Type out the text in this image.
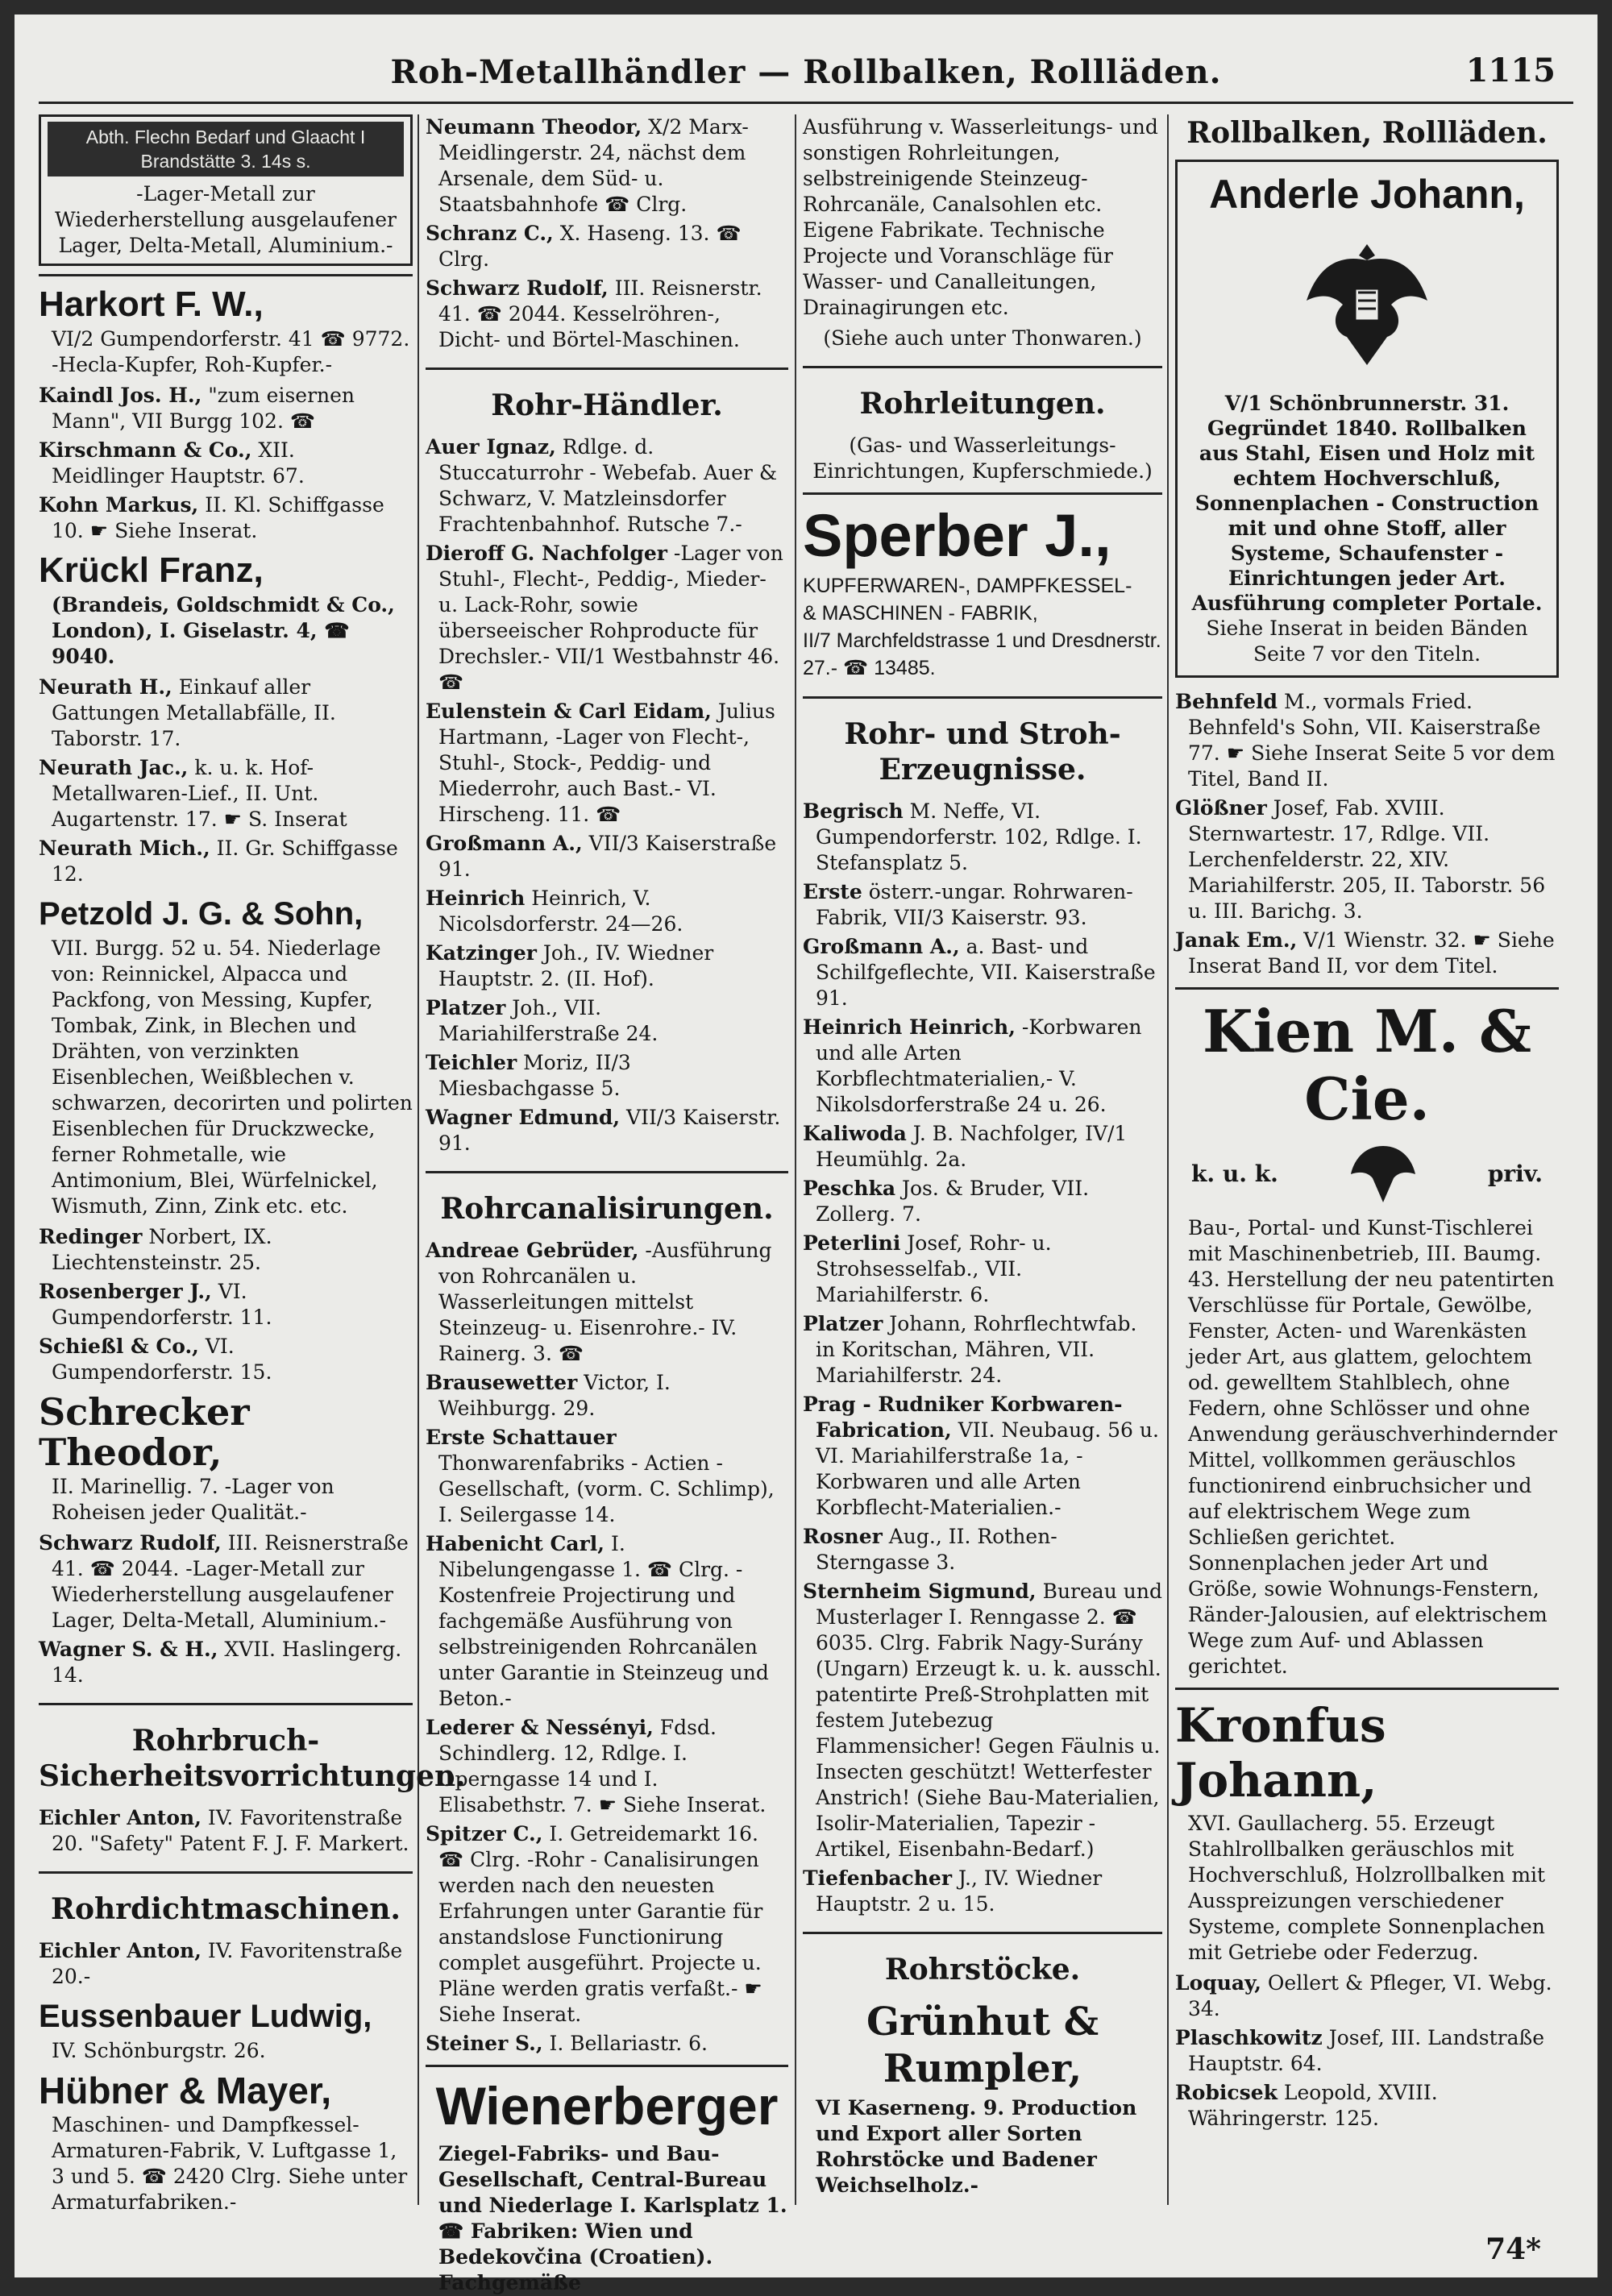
Roh-Metallhändler — Rollbalken, Rollläden.	1115
Abth. Flechn Bedarf und Glaacht I Brandstätte 3. 14s s.
-Lager-Metall zur Wiederherstellung ausgelaufener Lager, Delta-Metall, Aluminium.-
Harkort F. W.,
VI/2 Gumpendorferstr. 41 ☎ 9772. -Hecla-Kupfer, Roh-Kupfer.-
Kaindl Jos. H., "zum eisernen Mann", VII Burgg 102. ☎
Kirschmann & Co., XII. Meidlinger Hauptstr. 67.
Kohn Markus, II. Kl. Schiffgasse 10. ☛ Siehe Inserat.
Krückl Franz,
(Brandeis, Goldschmidt & Co., London), I. Giselastr. 4, ☎ 9040.
Neurath H., Einkauf aller Gattungen Metallabfälle, II. Taborstr. 17.
Neurath Jac., k. u. k. Hof-Metallwaren-Lief., II. Unt. Augartenstr. 17. ☛ S. Inserat
Neurath Mich., II. Gr. Schiffgasse 12.
Petzold J. G. & Sohn,
VII. Burgg. 52 u. 54. Niederlage von: Reinnickel, Alpacca und Packfong, von Messing, Kupfer, Tombak, Zink, in Blechen und Drähten, von verzinkten Eisenblechen, Weißblechen v. schwarzen, decorirten und polirten Eisenblechen für Druckzwecke, ferner Rohmetalle, wie Antimonium, Blei, Würfelnickel, Wismuth, Zinn, Zink etc. etc.
Redinger Norbert, IX. Liechtensteinstr. 25.
Rosenberger J., VI. Gumpendorferstr. 11.
Schießl & Co., VI. Gumpendorferstr. 15.
Schrecker Theodor,
II. Marinellig. 7. -Lager von Roheisen jeder Qualität.-
Schwarz Rudolf, III. Reisnerstraße 41. ☎ 2044. -Lager-Metall zur Wiederherstellung ausgelaufener Lager, Delta-Metall, Aluminium.-
Wagner S. & H., XVII. Haslingerg. 14.
Rohrbruch-Sicherheitsvorrichtungen.
Eichler Anton, IV. Favoritenstraße 20. "Safety" Patent F. J. F. Markert.
Rohrdichtmaschinen.
Eichler Anton, IV. Favoritenstraße 20.-
Eussenbauer Ludwig,
IV. Schönburgstr. 26.
Hübner & Mayer,
Maschinen- und Dampfkessel-Armaturen-Fabrik, V. Luftgasse 1, 3 und 5. ☎ 2420 Clrg. Siehe unter Armaturfabriken.-
Neumann Theodor, X/2 Marx-Meidlingerstr. 24, nächst dem Arsenale, dem Süd- u. Staatsbahnhofe ☎ Clrg.
Schranz C., X. Haseng. 13. ☎ Clrg.
Schwarz Rudolf, III. Reisnerstr. 41. ☎ 2044. Kesselröhren-, Dicht- und Börtel-Maschinen.
Rohr-Händler.
Auer Ignaz, Rdlge. d. Stuccaturrohr - Webefab. Auer & Schwarz, V. Matzleinsdorfer Frachtenbahnhof. Rutsche 7.-
Dieroff G. Nachfolger -Lager von Stuhl-, Flecht-, Peddig-, Mieder- u. Lack-Rohr, sowie überseeischer Rohproducte für Drechsler.- VII/1 Westbahnstr 46. ☎
Eulenstein & Carl Eidam, Julius Hartmann, -Lager von Flecht-, Stuhl-, Stock-, Peddig- und Miederrohr, auch Bast.- VI. Hirscheng. 11. ☎
Großmann A., VII/3 Kaiserstraße 91.
Heinrich Heinrich, V. Nicolsdorferstr. 24—26.
Katzinger Joh., IV. Wiedner Hauptstr. 2. (II. Hof).
Platzer Joh., VII. Mariahilferstraße 24.
Teichler Moriz, II/3 Miesbachgasse 5.
Wagner Edmund, VII/3 Kaiserstr. 91.
Rohrcanalisirungen.
Andreae Gebrüder, -Ausführung von Rohrcanälen u. Wasserleitungen mittelst Steinzeug- u. Eisenrohre.- IV. Rainerg. 3. ☎
Brausewetter Victor, I. Weihburgg. 29.
Erste Schattauer Thonwarenfabriks - Actien - Gesellschaft, (vorm. C. Schlimp), I. Seilergasse 14.
Habenicht Carl, I. Nibelungengasse 1. ☎ Clrg. -Kostenfreie Projectirung und fachgemäße Ausführung von selbstreinigenden Rohrcanälen unter Garantie in Steinzeug und Beton.-
Lederer & Nessényi, Fdsd. Schindlerg. 12, Rdlge. I. Operngasse 14 und I. Elisabethstr. 7. ☛ Siehe Inserat.
Spitzer C., I. Getreidemarkt 16. ☎ Clrg. -Rohr - Canalisirungen werden nach den neuesten Erfahrungen unter Garantie für anstandslose Functionirung complet ausgeführt. Projecte u. Pläne werden gratis verfaßt.- ☛ Siehe Inserat.
Steiner S., I. Bellariastr. 6.
Wienerberger
Ziegel-Fabriks- und Bau-Gesellschaft, Central-Bureau und Niederlage I. Karlsplatz 1. ☎ Fabriken: Wien und Bedekovčina (Croatien). Fachgemäße
Ausführung v. Wasserleitungs- und sonstigen Rohrleitungen, selbstreinigende Steinzeug-Rohrcanäle, Canalsohlen etc. Eigene Fabrikate. Technische Projecte und Voranschläge für Wasser- und Canalleitungen, Drainagirungen etc.
(Siehe auch unter Thonwaren.)
Rohrleitungen.
(Gas- und Wasserleitungs-Einrichtungen, Kupferschmiede.)
Sperber J.,
KUPFERWAREN-, DAMPFKESSEL-
& MASCHINEN - FABRIK,
II/7 Marchfeldstrasse 1 und Dresdnerstr. 27.- ☎ 13485.
Rohr- und Stroh-Erzeugnisse.
Begrisch M. Neffe, VI. Gumpendorferstr. 102, Rdlge. I. Stefansplatz 5.
Erste österr.-ungar. Rohrwaren-Fabrik, VII/3 Kaiserstr. 93.
Großmann A., a. Bast- und Schilfgeflechte, VII. Kaiserstraße 91.
Heinrich Heinrich, -Korbwaren und alle Arten Korbflechtmaterialien,- V. Nikolsdorferstraße 24 u. 26.
Kaliwoda J. B. Nachfolger, IV/1 Heumühlg. 2a.
Peschka Jos. & Bruder, VII. Zollerg. 7.
Peterlini Josef, Rohr- u. Strohsesselfab., VII. Mariahilferstr. 6.
Platzer Johann, Rohrflechtwfab. in Koritschan, Mähren, VII. Mariahilferstr. 24.
Prag - Rudniker Korbwaren-Fabrication, VII. Neubaug. 56 u. VI. Mariahilferstraße 1a, -Korbwaren und alle Arten Korbflecht-Materialien.-
Rosner Aug., II. Rothen-Sterngasse 3.
Sternheim Sigmund, Bureau und Musterlager I. Renngasse 2. ☎ 6035. Clrg. Fabrik Nagy-Surány (Ungarn) Erzeugt k. u. k. ausschl. patentirte Preß-Strohplatten mit festem Jutebezug Flammensicher! Gegen Fäulnis u. Insecten geschützt! Wetterfester Anstrich! (Siehe Bau-Materialien, Isolir-Materialien, Tapezir - Artikel, Eisenbahn-Bedarf.)
Tiefenbacher J., IV. Wiedner Hauptstr. 2 u. 15.
Rohrstöcke.
Grünhut & Rumpler,
VI Kaserneng. 9. Production und Export aller Sorten Rohrstöcke und Badener Weichselholz.-
Rollbalken, Rollläden.
Anderle Johann,
V/1 Schönbrunnerstr. 31. Gegründet 1840. Rollbalken aus Stahl, Eisen und Holz mit echtem Hochverschluß, Sonnenplachen - Construction mit und ohne Stoff, aller Systeme, Schaufenster - Einrichtungen jeder Art. Ausführung completer Portale.
Siehe Inserat in beiden Bänden Seite 7 vor den Titeln.
Behnfeld M., vormals Fried. Behnfeld's Sohn, VII. Kaiserstraße 77. ☛ Siehe Inserat Seite 5 vor dem Titel, Band II.
Glößner Josef, Fab. XVIII. Sternwartestr. 17, Rdlge. VII. Lerchenfelderstr. 22, XIV. Mariahilferstr. 205, II. Taborstr. 56 u. III. Barichg. 3.
Janak Em., V/1 Wienstr. 32. ☛ Siehe Inserat Band II, vor dem Titel.
Kien M. & Cie.
k. u. k.	priv.
Bau-, Portal- und Kunst-Tischlerei mit Maschinenbetrieb, III. Baumg. 43. Herstellung der neu patentirten Verschlüsse für Portale, Gewölbe, Fenster, Acten- und Warenkästen jeder Art, aus glattem, gelochtem od. gewelltem Stahlblech, ohne Federn, ohne Schlösser und ohne Anwendung geräuschverhindernder Mittel, vollkommen geräuschlos functionirend einbruchsicher und auf elektrischem Wege zum Schließen gerichtet. Sonnenplachen jeder Art und Größe, sowie Wohnungs-Fenstern, Ränder-Jalousien, auf elektrischem Wege zum Auf- und Ablassen gerichtet.
Kronfus Johann,
XVI. Gaullacherg. 55. Erzeugt Stahlrollbalken geräuschlos mit Hochverschluß, Holzrollbalken mit Ausspreizungen verschiedener Systeme, complete Sonnenplachen mit Getriebe oder Federzug.
Loquay, Oellert & Pfleger, VI. Webg. 34.
Plaschkowitz Josef, III. Landstraße Hauptstr. 64.
Robicsek Leopold, XVIII. Währingerstr. 125.
74*
